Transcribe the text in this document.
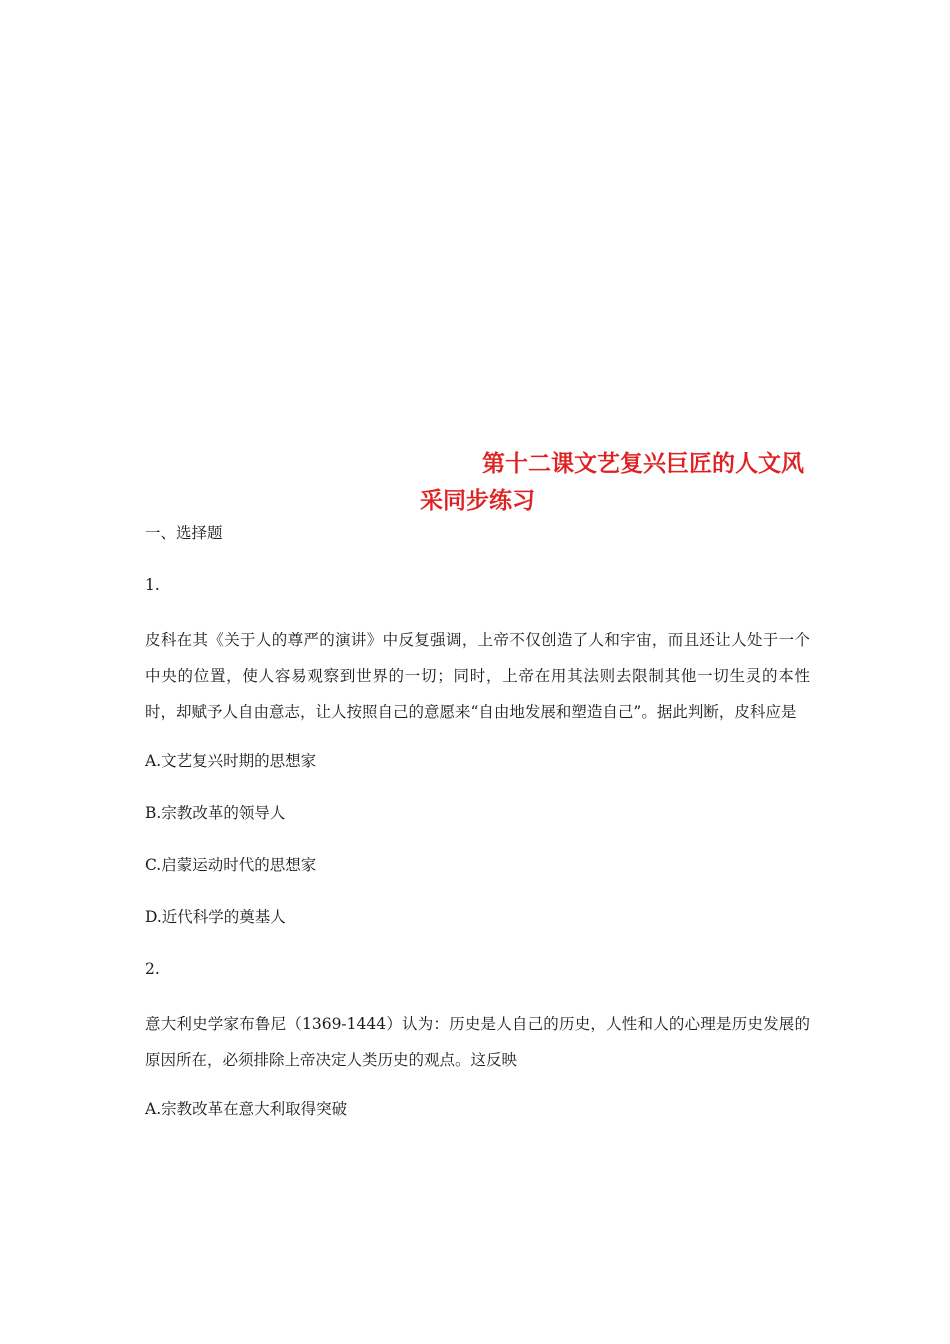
第十二课文艺复兴巨匠的人文风
采同步练习

一、选择题

1.

皮科在其《关于人的尊严的演讲》中反复强调，上帝不仅创造了人和宇宙，而且还让人处于一个中央的位置，使人容易观察到世界的一切；同时，上帝在用其法则去限制其他一切生灵的本性时，却赋予人自由意志，让人按照自己的意愿来“自由地发展和塑造自己”。据此判断，皮科应是

A.文艺复兴时期的思想家

B.宗教改革的领导人

C.启蒙运动时代的思想家

D.近代科学的奠基人

2.

意大利史学家布鲁尼（1369-1444）认为：历史是人自己的历史，人性和人的心理是历史发展的原因所在，必须排除上帝决定人类历史的观点。这反映

A.宗教改革在意大利取得突破
